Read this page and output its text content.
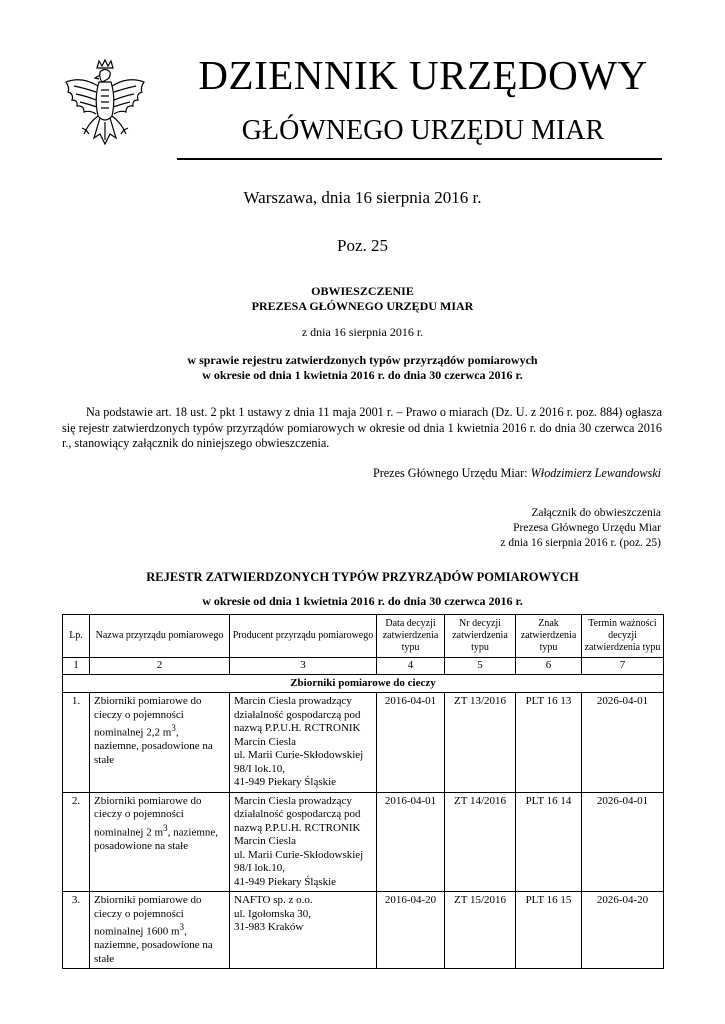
DZIENNIK URZĘDOWY
GŁÓWNEGO URZĘDU MIAR
Warszawa, dnia 16 sierpnia 2016 r.
Poz. 25
OBWIESZCZENIE
PREZESA GŁÓWNEGO URZĘDU MIAR
z dnia 16 sierpnia 2016 r.
w sprawie rejestru zatwierdzonych typów przyrządów pomiarowych
w okresie od dnia 1 kwietnia 2016 r. do dnia 30 czerwca 2016 r.
Na podstawie art. 18 ust. 2 pkt 1 ustawy z dnia 11 maja 2001 r. – Prawo o miarach (Dz. U. z 2016 r. poz. 884) ogłasza się rejestr zatwierdzonych typów przyrządów pomiarowych w okresie od dnia 1 kwietnia 2016 r. do dnia 30 czerwca 2016 r., stanowiący załącznik do niniejszego obwieszczenia.
Prezes Głównego Urzędu Miar: Włodzimierz Lewandowski
Załącznik do obwieszczenia
Prezesa Głównego Urzędu Miar
z dnia 16 sierpnia 2016 r. (poz. 25)
REJESTR ZATWIERDZONYCH TYPÓW PRZYRZĄDÓW POMIAROWYCH
w okresie od dnia 1 kwietnia 2016 r. do dnia 30 czerwca 2016 r.
Lp.	Nazwa przyrządu pomiarowego	Producent przyrządu pomiarowego	Data decyzji zatwierdzenia typu	Nr decyzji zatwierdzenia typu	Znak zatwierdzenia typu	Termin ważności decyzji zatwierdzenia typu
1	2	3	4	5	6	7
Zbiorniki pomiarowe do cieczy						
1.	Zbiorniki pomiarowe do cieczy o pojemności nominalnej 2,2 $m^3$, naziemne, posadowione na stałe	Marcin Ciesla prowadzący działalność gospodarczą pod nazwą P.P.U.H. RCTRONIK
Marcin Ciesla
ul. Marii Curie-Skłodowskiej 98/I lok.10,
41-949 Piekary Śląskie	2016-04-01	ZT 13/2016	PLT 16 13	2026-04-01
2.	Zbiorniki pomiarowe do cieczy o pojemności nominalnej 2 $m^3$, naziemne, posadowione na stałe	Marcin Ciesla prowadzący działalność gospodarczą pod nazwą P.P.U.H. RCTRONIK
Marcin Ciesla
ul. Marii Curie-Skłodowskiej 98/I lok.10,
41-949 Piekary Śląskie	2016-04-01	ZT 14/2016	PLT 16 14	2026-04-01
3.	Zbiorniki pomiarowe do cieczy o pojemności nominalnej 1600 $m^3$, naziemne, posadowione na stałe	NAFTO sp. z o.o.
ul. Igołomska 30,
31-983 Kraków	2016-04-20	ZT 15/2016	PLT 16 15	2026-04-20
